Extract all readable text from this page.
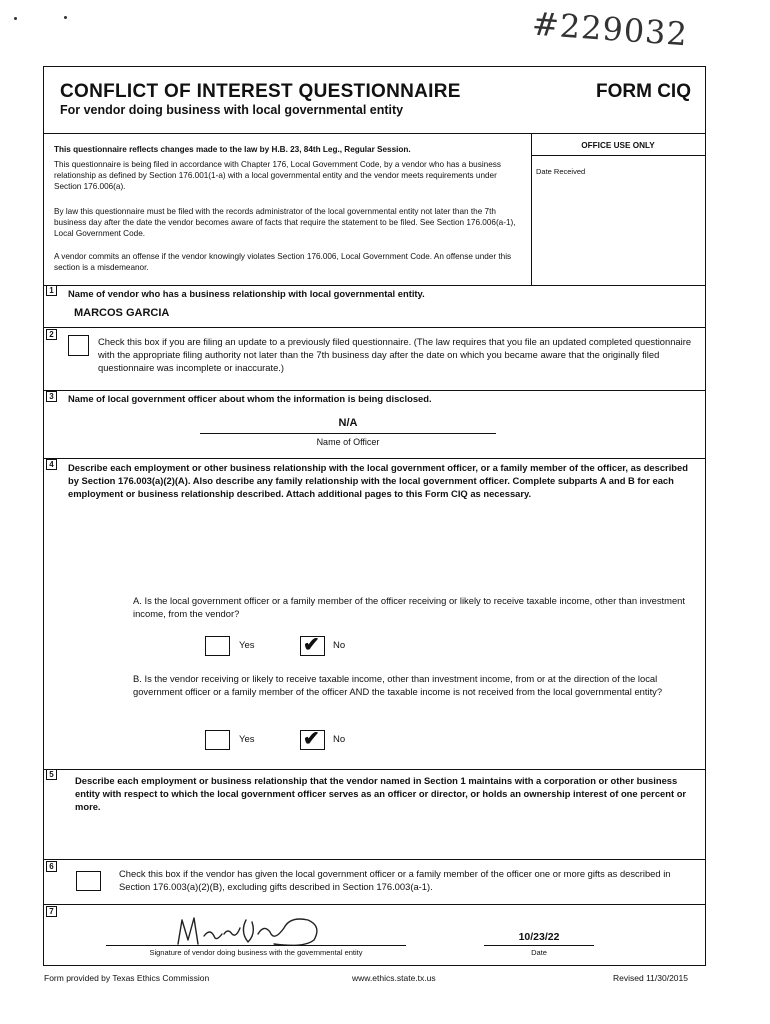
#229032
CONFLICT OF INTEREST QUESTIONNAIRE
For vendor doing business with local governmental entity
FORM CIQ
This questionnaire reflects changes made to the law by H.B. 23, 84th Leg., Regular Session.
This questionnaire is being filed in accordance with Chapter 176, Local Government Code, by a vendor who has a business relationship as defined by Section 176.001(1-a) with a local governmental entity and the vendor meets requirements under Section 176.006(a).
By law this questionnaire must be filed with the records administrator of the local governmental entity not later than the 7th business day after the date the vendor becomes aware of facts that require the statement to be filed. See Section 176.006(a-1), Local Government Code.
A vendor commits an offense if the vendor knowingly violates Section 176.006, Local Government Code. An offense under this section is a misdemeanor.
OFFICE USE ONLY
Date Received
1	Name of vendor who has a business relationship with local governmental entity.
MARCOS GARCIA
2
Check this box if you are filing an update to a previously filed questionnaire. (The law requires that you file an updated completed questionnaire with the appropriate filing authority not later than the 7th business day after the date on which you became aware that the originally filed questionnaire was incomplete or inaccurate.)
3	Name of local government officer about whom the information is being disclosed.
N/A
Name of Officer
4	Describe each employment or other business relationship with the local government officer, or a family member of the officer, as described by Section 176.003(a)(2)(A). Also describe any family relationship with the local government officer. Complete subparts A and B for each employment or business relationship described. Attach additional pages to this Form CIQ as necessary.
A. Is the local government officer or a family member of the officer receiving or likely to receive taxable income, other than investment income, from the vendor?
Yes ✔ No
B. Is the vendor receiving or likely to receive taxable income, other than investment income, from or at the direction of the local government officer or a family member of the officer AND the taxable income is not received from the local governmental entity?
Yes ✔ No
5
Describe each employment or business relationship that the vendor named in Section 1 maintains with a corporation or other business entity with respect to which the local government officer serves as an officer or director, or holds an ownership interest of one percent or more.
6
Check this box if the vendor has given the local government officer or a family member of the officer one or more gifts as described in Section 176.003(a)(2)(B), excluding gifts described in Section 176.003(a-1).
7
Signature of vendor doing business with the governmental entity
10/23/22
Date
Form provided by Texas Ethics Commission	www.ethics.state.tx.us	Revised 11/30/2015
